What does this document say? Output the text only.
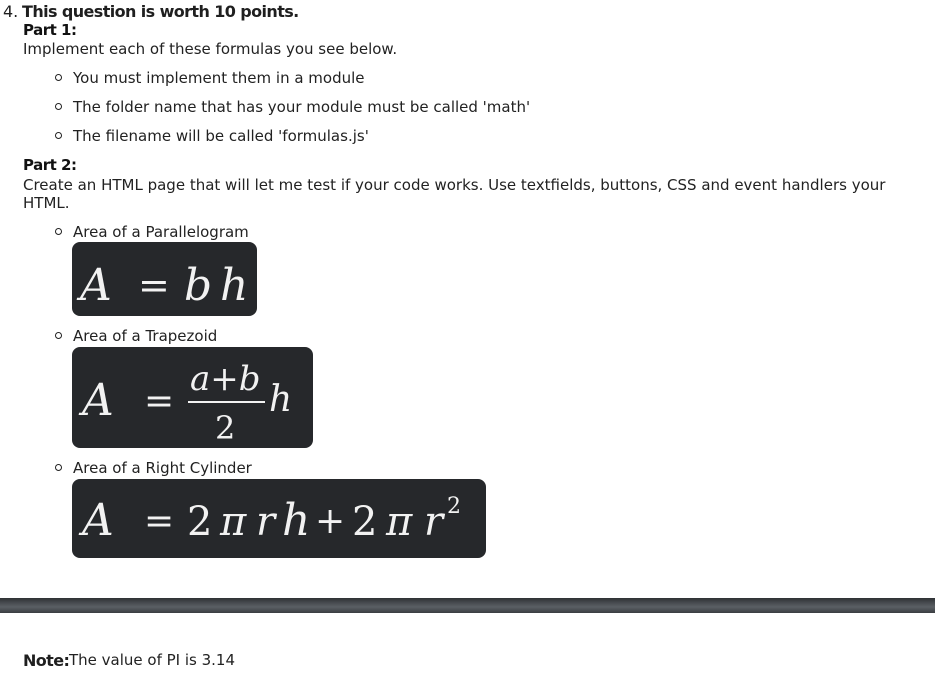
4. This question is worth 10 points.
Part 1:
Implement each of these formulas you see below.
You must implement them in a module
The folder name that has your module must be called 'math'
The filename will be called 'formulas.js'
Part 2:
Create an HTML page that will let me test if your code works. Use textfields, buttons, CSS and event handlers your
HTML.
Area of a Parallelogram
A = b h
Area of a Trapezoid
A =
a+b
2
h
Area of a Right Cylinder
A = 2 π r h + 2 π r 2
Note: The value of PI is 3.14
